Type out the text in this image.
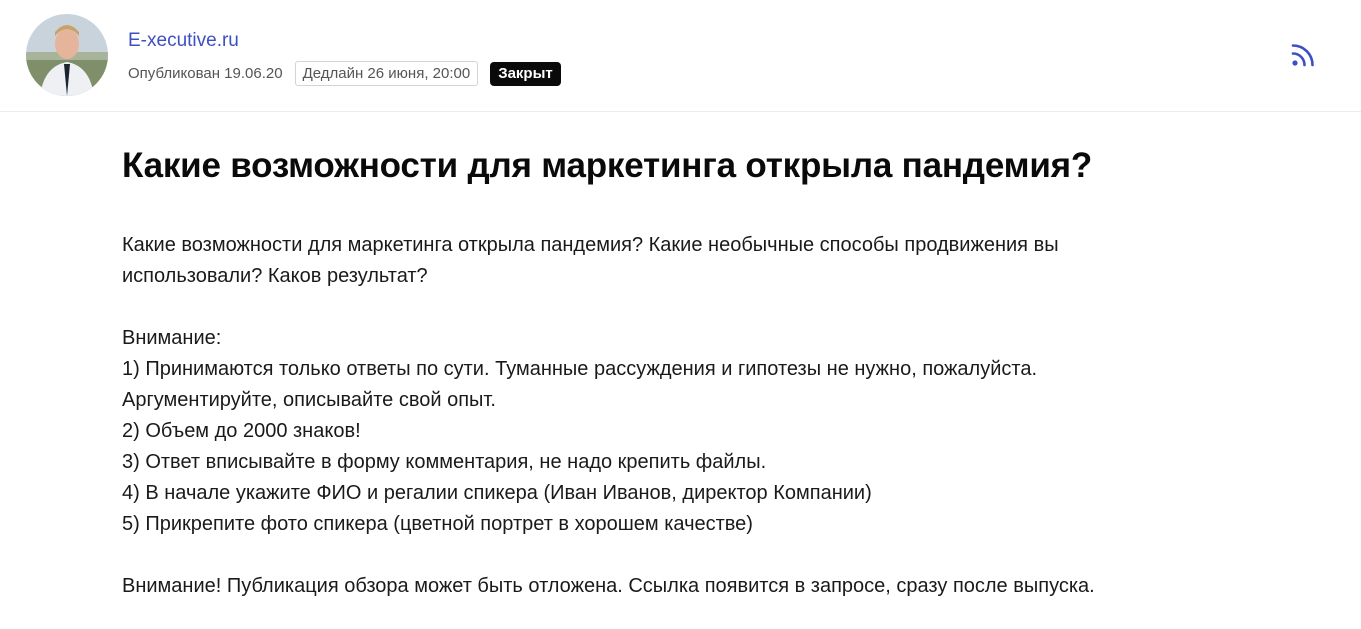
E-xecutive.ru
Опубликован 19.06.20	Дедлайн 26 июня, 20:00	Закрыт
Какие возможности для маркетинга открыла пандемия?

Какие возможности для маркетинга открыла пандемия? Какие необычные способы продвижения вы

использовали? Каков результат?

Внимание:

1) Принимаются только ответы по сути. Туманные рассуждения и гипотезы не нужно, пожалуйста.

Аргументируйте, описывайте свой опыт.

2) Объем до 2000 знаков!

3) Ответ вписывайте в форму комментария, не надо крепить файлы.

4) В начале укажите ФИО и регалии спикера (Иван Иванов, директор Компании)

5) Прикрепите фото спикера (цветной портрет в хорошем качестве)

Внимание! Публикация обзора может быть отложена. Ссылка появится в запросе, сразу после выпуска.
